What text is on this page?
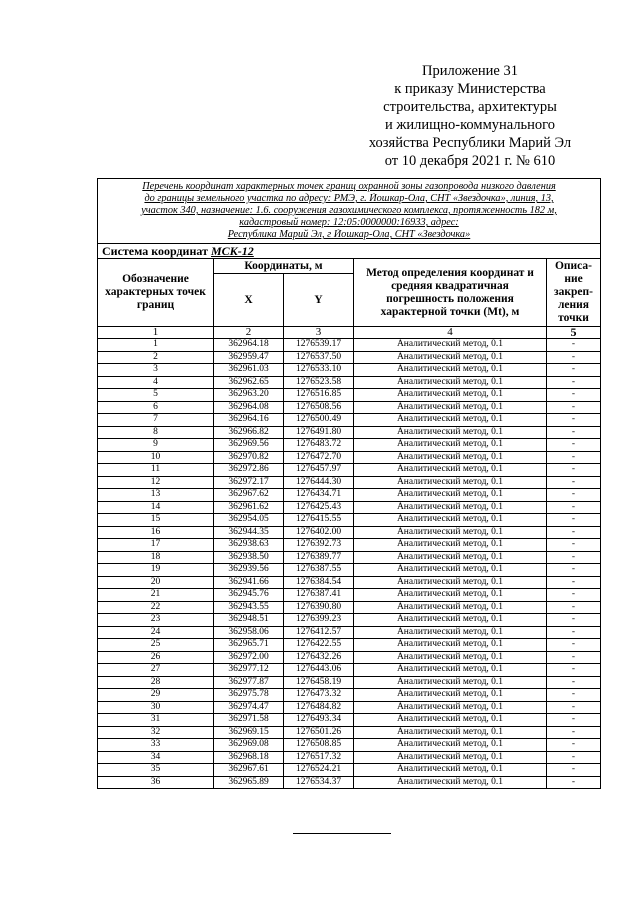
Приложение 31
к приказу Министерства
строительства, архитектуры
и жилищно-коммунального
хозяйства Республики Марий Эл
от 10 декабря 2021 г. № 610
Перечень координат характерных точек границ охранной зоны газопровода низкого давления
до границы земельного участка по адресу: РМЭ, г. Йошкар-Ола, СНТ «Звездочка», линия, 13,
участок 340, назначение: 1.6. сооружения газохимического комплекса, протяженность 182 м,
кадастровый номер: 12:05:0000000:16933, адрес:
Республика Марий Эл, г Йошкар-Ола, СНТ «Звездочка»				

Система координат МСК-12				
Обозначение характерных точек границ	Координаты, м		Метод определения координат и средняя квадратичная погрешность положения характерной точки (Mt), м	Описа-ние закреп-ления точки
	X	Y		
1	2	3	4	5
1	362964.18	1276539.17	Аналитический метод, 0.1	-
2	362959.47	1276537.50	Аналитический метод, 0.1	-
3	362961.03	1276533.10	Аналитический метод, 0.1	-
4	362962.65	1276523.58	Аналитический метод, 0.1	-
5	362963.20	1276516.85	Аналитический метод, 0.1	-
6	362964.08	1276508.56	Аналитический метод, 0.1	-
7	362964.16	1276500.49	Аналитический метод, 0.1	-
8	362966.82	1276491.80	Аналитический метод, 0.1	-
9	362969.56	1276483.72	Аналитический метод, 0.1	-
10	362970.82	1276472.70	Аналитический метод, 0.1	-
11	362972.86	1276457.97	Аналитический метод, 0.1	-
12	362972.17	1276444.30	Аналитический метод, 0.1	-
13	362967.62	1276434.71	Аналитический метод, 0.1	-
14	362961.62	1276425.43	Аналитический метод, 0.1	-
15	362954.05	1276415.55	Аналитический метод, 0.1	-
16	362944.35	1276402.00	Аналитический метод, 0.1	-
17	362938.63	1276392.73	Аналитический метод, 0.1	-
18	362938.50	1276389.77	Аналитический метод, 0.1	-
19	362939.56	1276387.55	Аналитический метод, 0.1	-
20	362941.66	1276384.54	Аналитический метод, 0.1	-
21	362945.76	1276387.41	Аналитический метод, 0.1	-
22	362943.55	1276390.80	Аналитический метод, 0.1	-
23	362948.51	1276399.23	Аналитический метод, 0.1	-
24	362958.06	1276412.57	Аналитический метод, 0.1	-
25	362965.71	1276422.55	Аналитический метод, 0.1	-
26	362972.00	1276432.26	Аналитический метод, 0.1	-
27	362977.12	1276443.06	Аналитический метод, 0.1	-
28	362977.87	1276458.19	Аналитический метод, 0.1	-
29	362975.78	1276473.32	Аналитический метод, 0.1	-
30	362974.47	1276484.82	Аналитический метод, 0.1	-
31	362971.58	1276493.34	Аналитический метод, 0.1	-
32	362969.15	1276501.26	Аналитический метод, 0.1	-
33	362969.08	1276508.85	Аналитический метод, 0.1	-
34	362968.18	1276517.32	Аналитический метод, 0.1	-
35	362967.61	1276524.21	Аналитический метод, 0.1	-
36	362965.89	1276534.37	Аналитический метод, 0.1	-
